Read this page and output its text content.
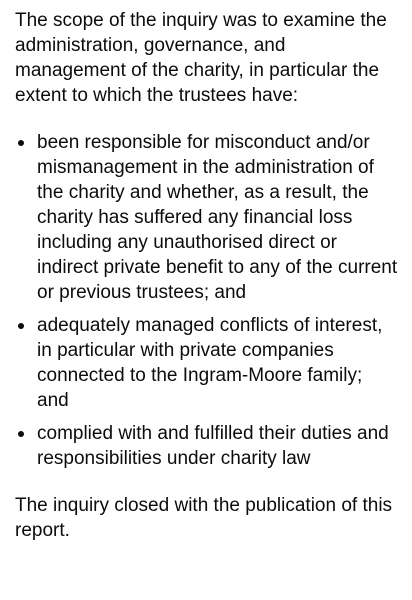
The scope of the inquiry was to examine the administration, governance, and management of the charity, in particular the extent to which the trustees have:

been responsible for misconduct and/or mismanagement in the administration of the charity and whether, as a result, the charity has suffered any financial loss including any unauthorised direct or indirect private benefit to any of the current or previous trustees; and
adequately managed conflicts of interest, in particular with private companies connected to the Ingram-Moore family; and
complied with and fulfilled their duties and responsibilities under charity law

The inquiry closed with the publication of this report.
